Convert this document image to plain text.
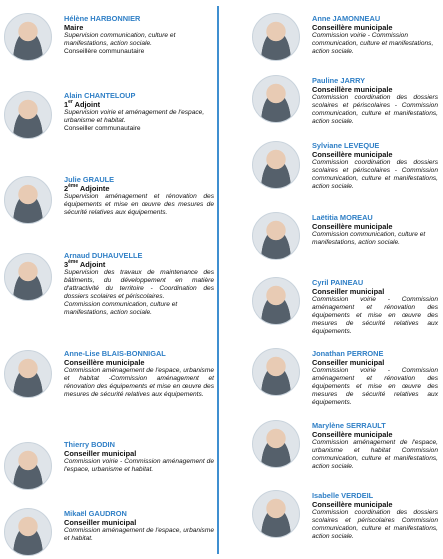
Hélène HARBONNIER
Maire
Supervision communication, culture et manifestations, action sociale.
Conseillère communautaire
Alain CHANTELOUP
1er Adjoint
Supervision voirie et aménagement de l'espace, urbanisme et habitat.
Conseiller communautaire
Julie GRAULE
2ème Adjointe
Supervision aménagement et rénovation des équipements et mise en œuvre des mesures de sécurité relatives aux équipements.
Arnaud DUHAUVELLE
3ème Adjoint
Supervision des travaux de maintenance des bâtiments, du développement en matière d'attractivité du territoire - Coordination des dossiers scolaires et périscolaires.
Commission communication, culture et manifestations, action sociale.
Anne-Lise BLAIS-BONNIGAL
Conseillère municipale
Commission aménagement de l'espace, urbanisme et habitat -Commission aménagement et rénovation des équipements et mise en œuvre des mesures de sécurité relatives aux équipements.
Thierry BODIN
Conseiller municipal
Commission voirie - Commission aménagement de l'espace, urbanisme et habitat.
Mikaël GAUDRON
Conseiller municipal
Commission aménagement de l'espace, urbanisme et habitat.
Anne JAMONNEAU
Conseillère municipale
Commission voirie - Commission communication, culture et manifestations, action sociale.
Pauline JARRY
Conseillère municipale
Commission coordination des dossiers scolaires et périscolaires - Commission communication, culture et manifestations, action sociale.
Sylviane LEVEQUE
Conseillère municipale
Commission coordination des dossiers scolaires et périscolaires - Commission communication, culture et manifestations, action sociale.
Laëtitia MOREAU
Conseillère municipale
Commission communication, culture et manifestations, action sociale.
Cyril PAINEAU
Conseiller municipal
Commission voirie - Commission aménagement et rénovation des équipements et mise en œuvre des mesures de sécurité relatives aux équipements.
Jonathan PERRONE
Conseiller municipal
Commission voirie - Commission aménagement et rénovation des équipements et mise en œuvre des mesures de sécurité relatives aux équipements.
Marylène SERRAULT
Conseillère municipale
Commission aménagement de l'espace, urbanisme et habitat Commission communication, culture et manifestations, action sociale.
Isabelle VERDEIL
Conseillère municipale
Commission coordination des dossiers scolaires et périscolaires Commission communication, culture et manifestations, action sociale.
